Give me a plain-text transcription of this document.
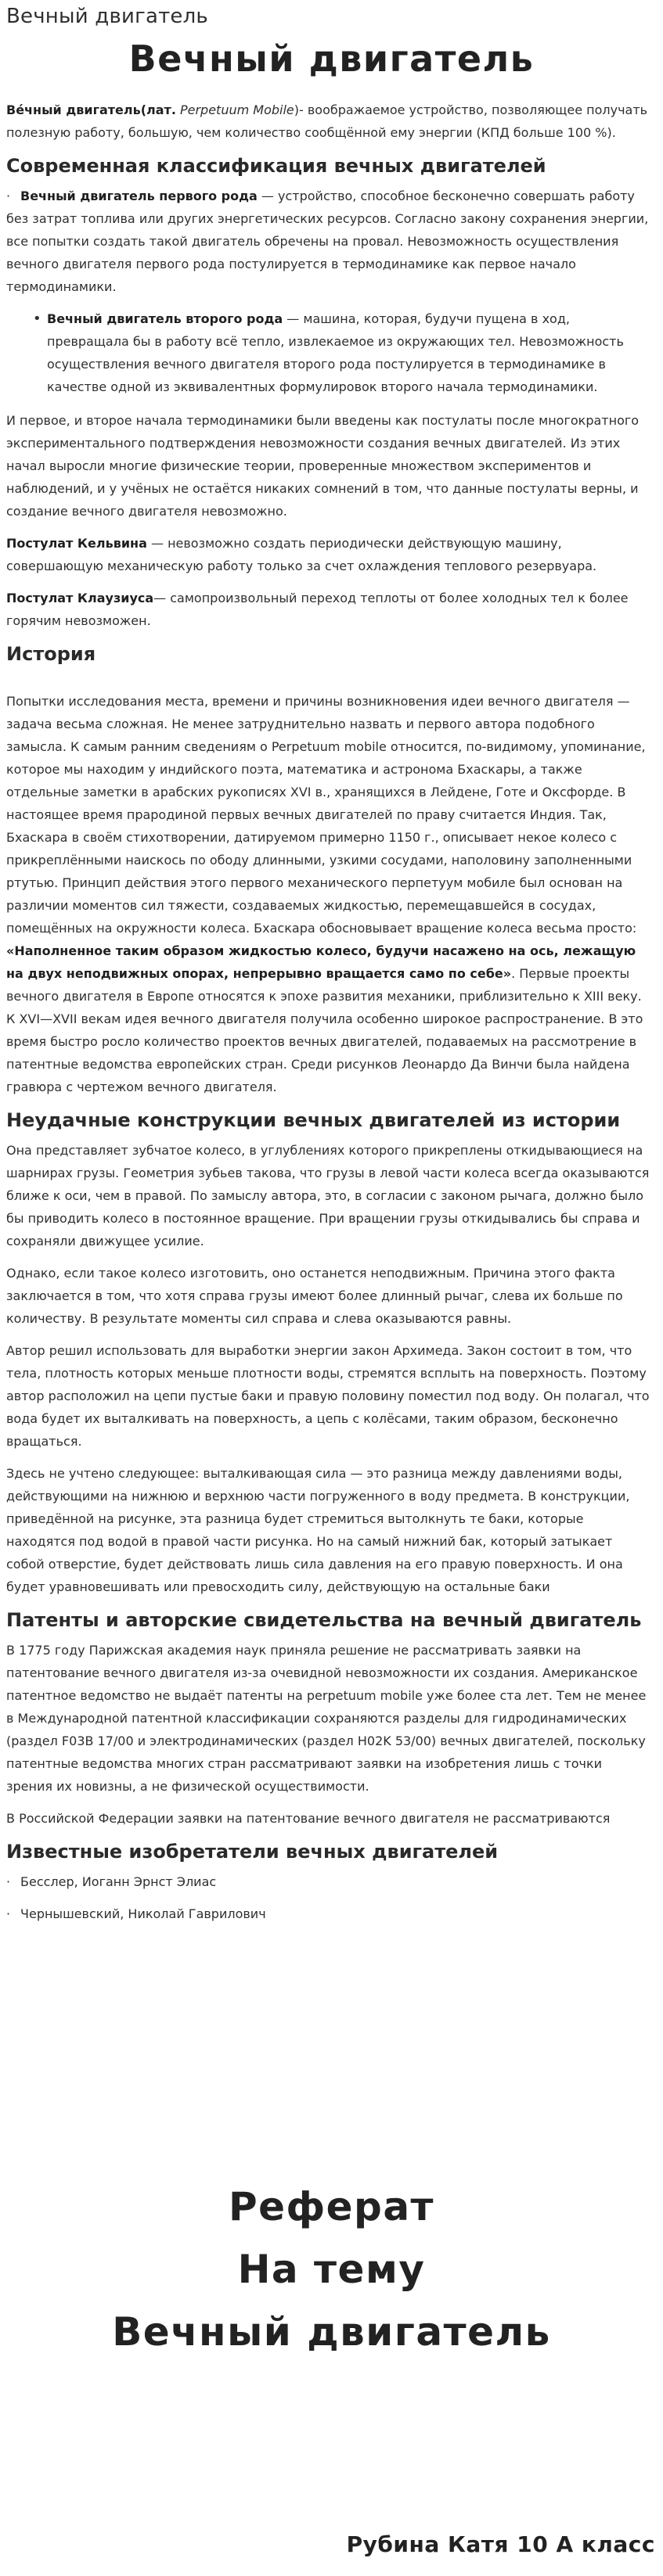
Вечный двигатель
Вечный двигатель

Ве́чный двигатель(лат. Perpetuum Mobile)- воображаемое устройство, позволяющее получать полезную работу, большую, чем количество сообщённой ему энергии (КПД больше 100 %).

Современная классификация вечных двигателей

· Вечный двигатель первого рода — устройство, способное бесконечно совершать работу без затрат топлива или других энергетических ресурсов. Согласно закону сохранения энергии, все попытки создать такой двигатель обречены на провал. Невозможность осуществления вечного двигателя первого рода постулируется в термодинамике как первое начало термодинамики.

• Вечный двигатель второго рода — машина, которая, будучи пущена в ход, превращала бы в работу всё тепло, извлекаемое из окружающих тел. Невозможность осуществления вечного двигателя второго рода постулируется в термодинамике в качестве одной из эквивалентных формулировок второго начала термодинамики.

И первое, и второе начала термодинамики были введены как постулаты после многократного экспериментального подтверждения невозможности создания вечных двигателей. Из этих начал выросли многие физические теории, проверенные множеством экспериментов и наблюдений, и у учёных не остаётся никаких сомнений в том, что данные постулаты верны, и создание вечного двигателя невозможно.

Постулат Кельвина — невозможно создать периодически действующую машину, совершающую механическую работу только за счет охлаждения теплового резервуара.

Постулат Клаузиуса— самопроизвольный переход теплоты от более холодных тел к более горячим невозможен.

История

Попытки исследования места, времени и причины возникновения идеи вечного двигателя — задача весьма сложная. Не менее затруднительно назвать и первого автора подобного замысла. К самым ранним сведениям о Perpetuum mobile относится, по-видимому, упоминание, которое мы находим у индийского поэта, математика и астронома Бхаскары, а также отдельные заметки в арабских рукописях XVI в., хранящихся в Лейдене, Готе и Оксфорде. В настоящее время прародиной первых вечных двигателей по праву считается Индия. Так, Бхаскара в своём стихотворении, датируемом примерно 1150 г., описывает некое колесо с прикреплёнными наискось по ободу длинными, узкими сосудами, наполовину заполненными ртутью. Принцип действия этого первого механического перпетуум мобиле был основан на различии моментов сил тяжести, создаваемых жидкостью, перемещавшейся в сосудах, помещённых на окружности колеса. Бхаскара обосновывает вращение колеса весьма просто: «Наполненное таким образом жидкостью колесо, будучи насажено на ось, лежащую на двух неподвижных опорах, непрерывно вращается само по себе». Первые проекты вечного двигателя в Европе относятся к эпохе развития механики, приблизительно к XIII веку. К XVI—XVII векам идея вечного двигателя получила особенно широкое распространение. В это время быстро росло количество проектов вечных двигателей, подаваемых на рассмотрение в патентные ведомства европейских стран. Среди рисунков Леонардо Да Винчи была найдена гравюра с чертежом вечного двигателя.

Неудачные конструкции вечных двигателей из истории

Она представляет зубчатое колесо, в углублениях которого прикреплены откидывающиеся на шарнирах грузы. Геометрия зубьев такова, что грузы в левой части колеса всегда оказываются ближе к оси, чем в правой. По замыслу автора, это, в согласии с законом рычага, должно было бы приводить колесо в постоянное вращение. При вращении грузы откидывались бы справа и сохраняли движущее усилие.

Однако, если такое колесо изготовить, оно останется неподвижным. Причина этого факта заключается в том, что хотя справа грузы имеют более длинный рычаг, слева их больше по количеству. В результате моменты сил справа и слева оказываются равны.

Автор решил использовать для выработки энергии закон Архимеда. Закон состоит в том, что тела, плотность которых меньше плотности воды, стремятся всплыть на поверхность. Поэтому автор расположил на цепи пустые баки и правую половину поместил под воду. Он полагал, что вода будет их выталкивать на поверхность, а цепь с колёсами, таким образом, бесконечно вращаться.

Здесь не учтено следующее: выталкивающая сила — это разница между давлениями воды, действующими на нижнюю и верхнюю части погруженного в воду предмета. В конструкции, приведённой на рисунке, эта разница будет стремиться вытолкнуть те баки, которые находятся под водой в правой части рисунка. Но на самый нижний бак, который затыкает собой отверстие, будет действовать лишь сила давления на его правую поверхность. И она будет уравновешивать или превосходить силу, действующую на остальные баки

Патенты и авторские свидетельства на вечный двигатель

В 1775 году Парижская академия наук приняла решение не рассматривать заявки на патентование вечного двигателя из-за очевидной невозможности их создания. Американское патентное ведомство не выдаёт патенты на perpetuum mobile уже более ста лет. Тем не менее в Международной патентной классификации сохраняются разделы для гидродинамических (раздел F03B 17/00 и электродинамических (раздел H02K 53/00) вечных двигателей, поскольку патентные ведомства многих стран рассматривают заявки на изобретения лишь с точки зрения их новизны, а не физической осуществимости.

В Российской Федерации заявки на патентование вечного двигателя не рассматриваются

Известные изобретатели вечных двигателей

· Бесслер, Иоганн Эрнст Элиас

· Чернышевский, Николай Гаврилович

Реферат
На тему
Вечный двигатель
Рубина Катя 10 А класс
